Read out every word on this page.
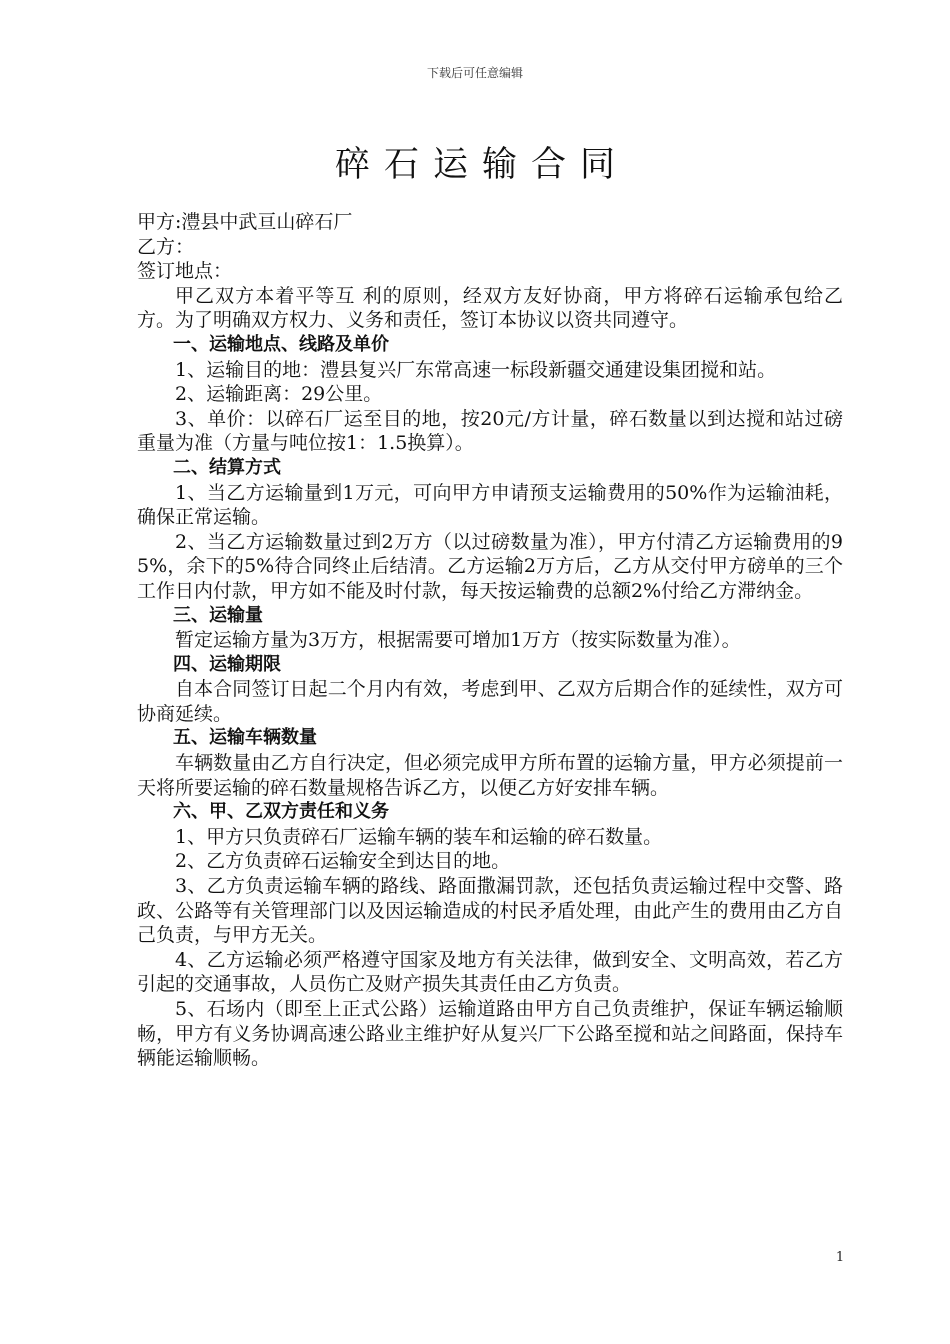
下载后可任意编辑
碎石运输合同

甲方:澧县中武亘山碎石厂

乙方：

签订地点：

甲乙双方本着平等互 利的原则，经双方友好协商，甲方将碎石运输承包给乙方。为了明确双方权力、义务和责任，签订本协议以资共同遵守。

一、运输地点、线路及单价

1、运输目的地：澧县复兴厂东常高速一标段新疆交通建设集团搅和站。

2、运输距离：29公里。

3、单价：以碎石厂运至目的地，按20元/方计量，碎石数量以到达搅和站过磅重量为准（方量与吨位按1：1.5换算）。

二、结算方式

1、当乙方运输量到1万元，可向甲方申请预支运输费用的50%作为运输油耗，确保正常运输。

2、当乙方运输数量过到2万方（以过磅数量为准），甲方付清乙方运输费用的95%，余下的5%待合同终止后结清。乙方运输2万方后，乙方从交付甲方磅单的三个工作日内付款，甲方如不能及时付款，每天按运输费的总额2%付给乙方滞纳金。

三、运输量

暂定运输方量为3万方，根据需要可增加1万方（按实际数量为准）。

四、运输期限

自本合同签订日起二个月内有效，考虑到甲、乙双方后期合作的延续性，双方可协商延续。

五、运输车辆数量

车辆数量由乙方自行决定，但必须完成甲方所布置的运输方量，甲方必须提前一天将所要运输的碎石数量规格告诉乙方，以便乙方好安排车辆。

六、甲、乙双方责任和义务

1、甲方只负责碎石厂运输车辆的装车和运输的碎石数量。

2、乙方负责碎石运输安全到达目的地。

3、乙方负责运输车辆的路线、路面撒漏罚款，还包括负责运输过程中交警、路政、公路等有关管理部门以及因运输造成的村民矛盾处理，由此产生的费用由乙方自己负责，与甲方无关。

4、乙方运输必须严格遵守国家及地方有关法律，做到安全、文明高效，若乙方引起的交通事故，人员伤亡及财产损失其责任由乙方负责。

5、石场内（即至上正式公路）运输道路由甲方自己负责维护，保证车辆运输顺畅，甲方有义务协调高速公路业主维护好从复兴厂下公路至搅和站之间路面，保持车辆能运输顺畅。

1
